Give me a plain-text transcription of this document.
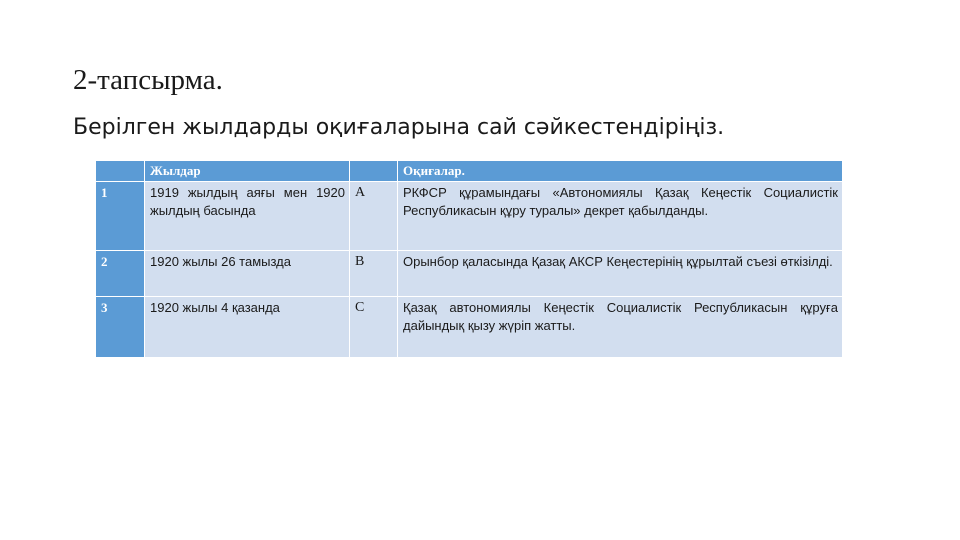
2-тапсырма.

Берілген жылдарды оқиғаларына сай сәйкестендіріңіз.

	Жылдар		Оқиғалар.
1	1919 жылдың аяғы мен 1920 жылдың басында	A	РКФСР құрамындағы «Автономиялы Қазақ Кеңестік Социалистік Республикасын құру туралы» декрет қабылданды.
2	1920 жылы 26 тамызда	B	Орынбор қаласында Қазақ АКСР Кеңестерінің құрылтай съезі өткізілді.
3	1920 жылы 4 қазанда	C	Қазақ автономиялы Кеңестік Социалистік Республикасын құруға дайындық қызу жүріп жатты.
